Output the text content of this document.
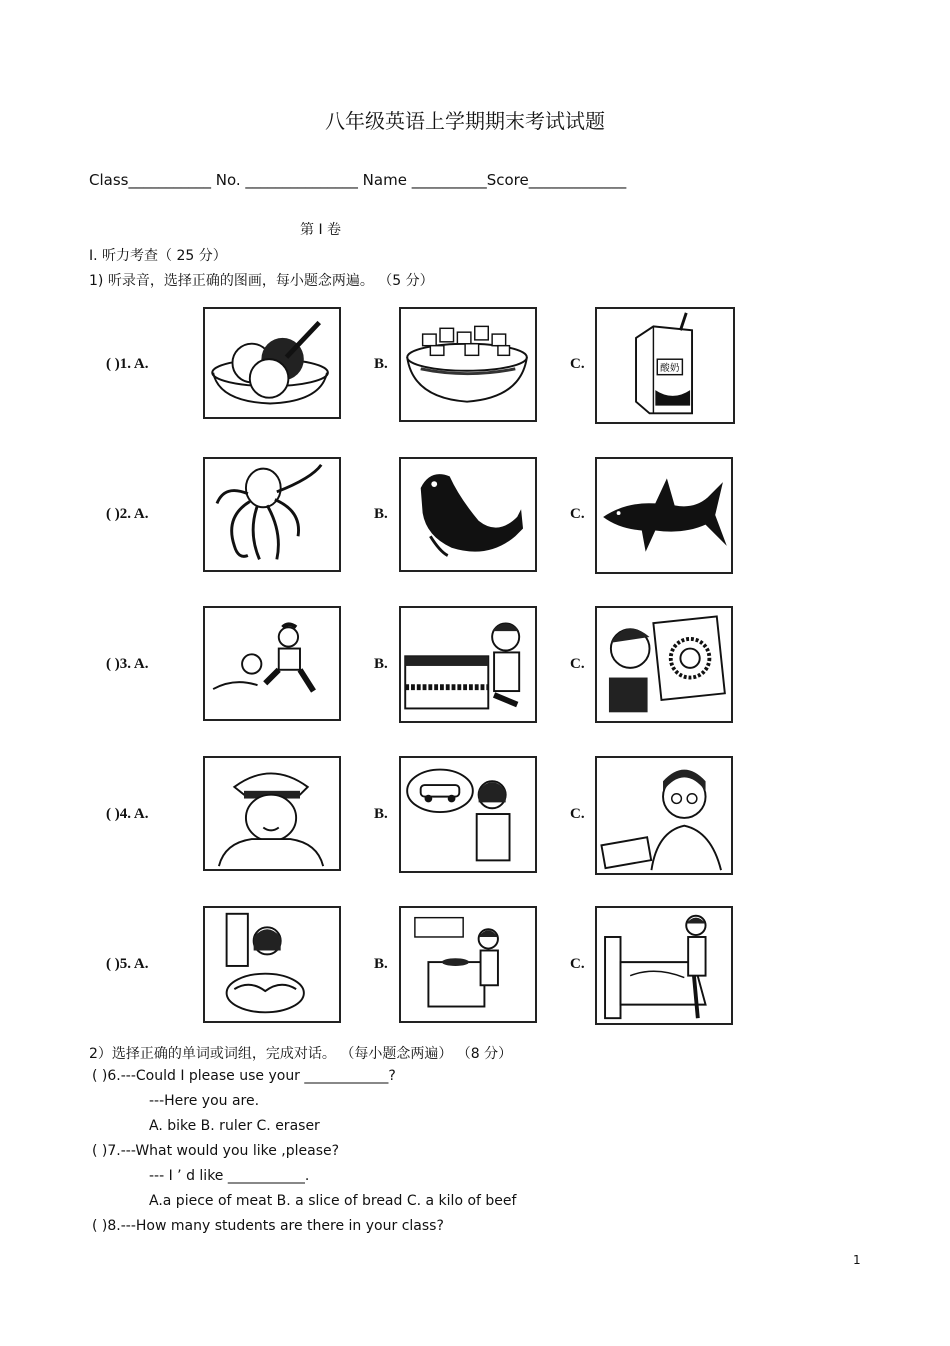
八年级英语上学期期末考试试题
Class___________ No. _______________ Name __________Score_____________
第 I 卷
I. 听力考查（ 25 分）
1) 听录音，选择正确的图画，每小题念两遍。 （5 分）
( )1. A.	B.	C.	酸奶
( )2. A.	B.	C.
( )3. A.	B.	C.
( )4. A.	B.	C.
( )5. A.	B.	C.
2）选择正确的单词或词组，完成对话。 （每小题念两遍） （8 分）
( )6.---Could I please use your ____________?
---Here you are.
A. bike B. ruler C. eraser
( )7.---What would you like ,please?
--- I ’ d like ___________.
A.a piece of meat B. a slice of bread C. a kilo of beef
( )8.---How many students are there in your class?
1
